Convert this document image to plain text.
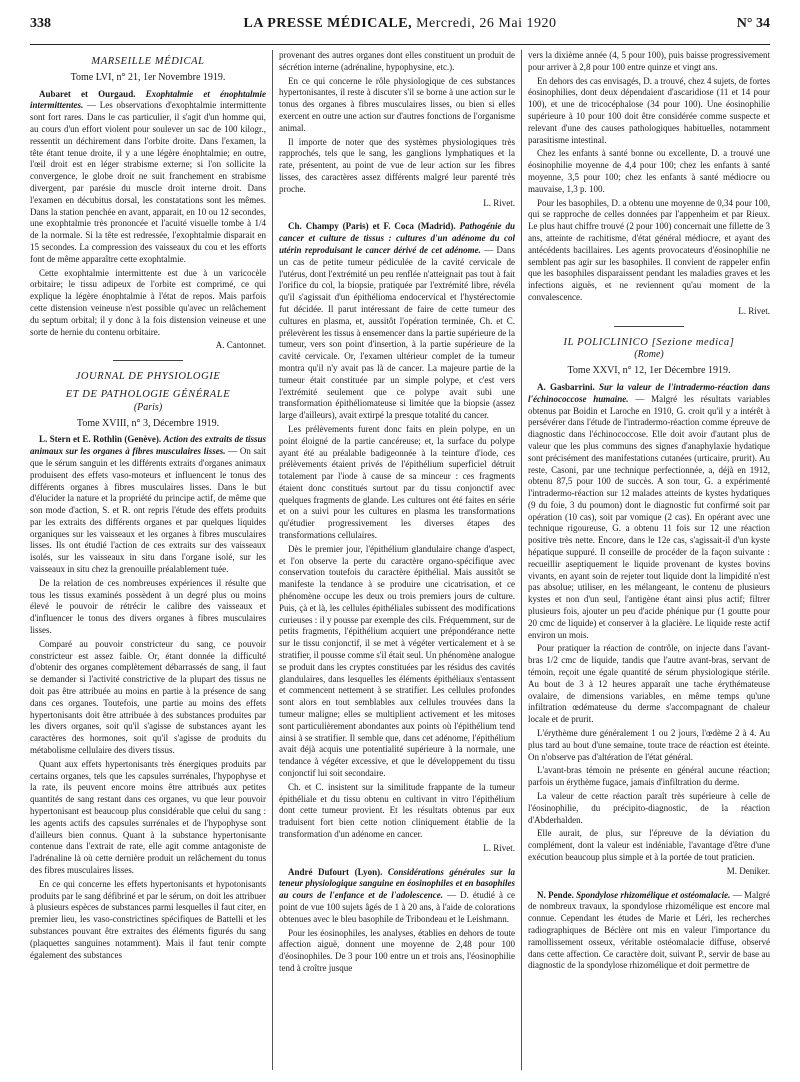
338	LA PRESSE MÉDICALE, Mercredi, 26 Mai 1920	N° 34
MARSEILLE MÉDICAL
Tome LVI, n° 21, 1er Novembre 1919.

Aubaret et Ourgaud. Exophtalmie et énophtalmie intermittentes. — Les observations d'exophtalmie intermittente sont fort rares. Dans le cas particulier, il s'agit d'un homme qui, au cours d'un effort violent pour soulever un sac de 100 kilogr., ressentit un déchirement dans l'orbite droite. Dans l'examen, la tête étant tenue droite, il y a une légère énophtalmie; en outre, l'œil droit est en léger strabisme externe; si l'on sollicite la convergence, le globe droit ne suit franchement en strabisme divergent, par parésie du muscle droit interne droit. Dans l'examen en décubitus dorsal, les constatations sont les mêmes. Dans la station penchée en avant, apparait, en 10 ou 12 secondes, une exophtalmie très prononcée et l'acuité visuelle tombe à 1/4 de la normale. Si la tête est redressée, l'exophtalmie disparait en 15 secondes. La compression des vaisseaux du cou et les efforts font de même apparaître cette exophtalmie.

Cette exophtalmie intermittente est due à un varicocèle orbitaire; le tissu adipeux de l'orbite est comprimé, ce qui explique la légère énophtalmie à l'état de repos. Mais parfois cette distension veineuse n'est possible qu'avec un relâchement du septum orbital; il y donc à la fois distension veineuse et une sorte de hernie du contenu orbitaire.

A. Cantonnet.
JOURNAL DE PHYSIOLOGIE
ET DE PATHOLOGIE GÉNÉRALE
(Paris)
Tome XVIII, n° 3, Décembre 1919.

L. Stern et E. Rothlin (Genève). Action des extraits de tissus animaux sur les organes à fibres musculaires lisses. — On sait que le sérum sanguin et les différents extraits d'organes animaux produisent des effets vaso-moteurs et influencent le tonus des différents organes à fibres musculaires lisses. Dans le but d'élucider la nature et la propriété du principe actif, de même que son mode d'action, S. et R. ont repris l'étude des effets produits par les extraits des différents organes et par quelques liquides organiques sur les vaisseaux et les organes à fibres musculaires lisses. Ils ont étudié l'action de ces extraits sur des vaisseaux isolés, sur les vaisseaux in situ dans l'organe isolé, sur les vaisseaux in situ chez la grenouille préalablement tuée.

De la relation de ces nombreuses expériences il résulte que tous les tissus examinés possèdent à un degré plus ou moins élevé le pouvoir de rétrécir le calibre des vaisseaux et d'influencer le tonus des divers organes à fibres musculaires lisses.

Comparé au pouvoir constricteur du sang, ce pouvoir constricteur est assez faible. Or, étant donnée la difficulté d'obtenir des organes complètement débarrassés de sang, il faut se demander si l'activité constrictive de la plupart des tissus ne doit pas être attribuée au moins en partie à la présence de sang dans ces organes. Toutefois, une partie au moins des effets hypertonisants doit être attribuée à des substances produites par les divers organes, soit qu'il s'agisse de substances ayant les caractères des hormones, soit qu'il s'agisse de produits du métabolisme cellulaire des divers tissus.

Quant aux effets hypertonisants très énergiques produits par certains organes, tels que les capsules surrénales, l'hypophyse et la rate, ils peuvent encore moins être attribués aux petites quantités de sang restant dans ces organes, vu que leur pouvoir hypertonisant est beaucoup plus considérable que celui du sang : les agents actifs des capsules surrénales et de l'hypophyse sont d'ailleurs bien connus. Quant à la substance hypertonisante contenue dans l'extrait de rate, elle agit comme antagoniste de l'adrénaline là où cette dernière produit un relâchement du tonus des fibres musculaires lisses.

En ce qui concerne les effets hypertonisants et hypotonisants produits par le sang défibriné et par le sérum, on doit les attribuer à plusieurs espèces de substances parmi lesquelles il faut citer, en premier lieu, les vaso-constrictines spécifiques de Battelli et les substances pouvant être extraites des éléments figurés du sang (plaquettes sanguines notamment). Mais il faut tenir compte également des substances

provenant des autres organes dont elles constituent un produit de sécrétion interne (adrénaline, hypophysine, etc.).

En ce qui concerne le rôle physiologique de ces substances hypertonisantes, il reste à discuter s'il se borne à une action sur le tonus des organes à fibres musculaires lisses, ou bien si elles exercent en outre une action sur d'autres fonctions de l'organisme animal.

Il importe de noter que des systèmes physiologiques très rapprochés, tels que le sang, les ganglions lymphatiques et la rate, présentent, au point de vue de leur action sur les fibres lisses, des caractères assez différents malgré leur parenté très proche.

L. Rivet.

Ch. Champy (Paris) et F. Coca (Madrid). Pathogénie du cancer et culture de tissus : cultures d'un adénome du col utérin reproduisant le cancer dérivé de cet adénome. — Dans un cas de petite tumeur pédiculée de la cavité cervicale de l'utérus, dont l'extrémité un peu renflée n'atteignait pas tout à fait l'orifice du col, la biopsie, pratiquée par l'extrémité libre, révéla qu'il s'agissait d'un épithélioma endocervical et l'hystérectomie fut décidée. Il parut intéressant de faire de cette tumeur des cultures en plasma, et, aussitôt l'opération terminée, Ch. et C. prélevèrent les tissus à ensemencer dans la partie supérieure de la tumeur, vers son point d'insertion, à la partie supérieure de la cavité cervicale. Or, l'examen ultérieur complet de la tumeur montra qu'il n'y avait pas là de cancer. La majeure partie de la tumeur était constituée par un simple polype, et c'est vers l'extrémité seulement que ce polype avait subi une transformation épithéliomateuse si limitée que la biopsie (assez large d'ailleurs), avait extirpé la presque totalité du cancer.

Les prélèvements furent donc faits en plein polype, en un point éloigné de la partie cancéreuse; et, la surface du polype ayant été au préalable badigeonnée à la teinture d'iode, ces prélèvements étaient privés de l'épithélium superficiel détruit totalement par l'iode à cause de sa minceur : ces fragments étaient donc constitués surtout par du tissu conjonctif avec quelques fragments de glande. Les cultures ont été faites en série et on a suivi pour les cultures en plasma les transformations qu'étudier progressivement les diverses étapes des transformations cellulaires.

Dès le premier jour, l'épithélium glandulaire change d'aspect, et l'on observe la perte du caractère organo-spécifique avec conservation toutefois du caractère épithélial. Mais aussitôt se manifeste la tendance à se produire une cicatrisation, et ce phénomène occupe les deux ou trois premiers jours de culture. Puis, çà et là, les cellules épithéliales subissent des modifications curieuses : il y pousse par exemple des cils. Fréquemment, sur de petits fragments, l'épithélium acquiert une prépondérance nette sur le tissu conjonctif, il se met à végéter verticalement et à se stratifier, il pousse comme s'il était seul. Un phénomène analogue se produit dans les cryptes constituées par les résidus des cavités glandulaires, dans lesquelles les éléments épithéliaux s'entassent et commencent nettement à se stratifier. Les cellules profondes sont alors en tout semblables aux cellules trouvées dans la tumeur maligne; elles se multiplient activement et les mitoses sont particulièrement abondantes aux points où l'épithélium tend ainsi à se stratifier. Il semble que, dans cet adénome, l'épithélium avait déjà acquis une potentialité supérieure à la normale, une tendance à végéter excessive, et que le développement du tissu conjonctif lui soit secondaire.

Ch. et C. insistent sur la similitude frappante de la tumeur épithéliale et du tissu obtenu en cultivant in vitro l'épithélium dont cette tumeur provient. Et les résultats obtenus par eux traduisent fort bien cette notion cliniquement établie de la transformation d'un adénome en cancer.

L. Rivet.

André Dufourt (Lyon). Considérations générales sur la teneur physiologique sanguine en éosinophiles et en basophiles au cours de l'enfance et de l'adolescence. — D. étudié à ce point de vue 100 sujets âgés de 1 à 20 ans, à l'aide de colorations obtenues avec le bleu basophile de Tribondeau et le Leishmann.

Pour les éosinophiles, les analyses, établies en dehors de toute affection aiguë, donnent une moyenne de 2,48 pour 100 d'éosinophiles. De 3 pour 100 entre un et trois ans, l'éosinophilie tend à croître jusque

vers la dixième année (4, 5 pour 100), puis baisse progressivement pour arriver à 2,8 pour 100 entre quinze et vingt ans.

En dehors des cas envisagés, D. a trouvé, chez 4 sujets, de fortes éosinophilies, dont deux dépendaient d'ascaridiose (11 et 14 pour 100), et une de tricocéphalose (34 pour 100). Une éosinophilie supérieure à 10 pour 100 doit être considérée comme suspecte et relevant d'une des causes pathologiques habituelles, notamment parasitisme intestinal.

Chez les enfants à santé bonne ou excellente, D. a trouvé une éosinophilie moyenne de 4,4 pour 100; chez les enfants à santé moyenne, 3,5 pour 100; chez les enfants à santé médiocre ou mauvaise, 1,3 p. 100.

Pour les basophiles, D. a obtenu une moyenne de 0,34 pour 100, qui se rapproche de celles données par l'appenheim et par Rieux. Le plus haut chiffre trouvé (2 pour 100) concernait une fillette de 3 ans, atteinte de rachitisme, d'état général médiocre, et ayant des antécédents bacillaires. Les agents provocateurs d'éosinophilie ne semblent pas agir sur les basophiles. Il convient de rappeler enfin que les basophiles disparaissent pendant les maladies graves et les infections aiguës, et ne reviennent qu'au moment de la convalescence.

L. Rivet.
IL POLICLINICO [Sezione medica]
(Rome)
Tome XXVI, n° 12, 1er Décembre 1919.

A. Gasbarrini. Sur la valeur de l'intradermo-réaction dans l'échinococcose humaine. — Malgré les résultats variables obtenus par Boidin et Laroche en 1910, G. croit qu'il y a intérêt à persévérer dans l'étude de l'intradermo-réaction comme épreuve de diagnostic dans l'échinococcose. Elle doit avoir d'autant plus de valeur que les plus communs des signes d'anaphylaxie hydatique sont précisément des manifestations cutanées (urticaire, prurit). Au reste, Casoni, par une technique perfectionnée, a, déjà en 1912, obtenu 87,5 pour 100 de succès. A son tour, G. a expérimenté l'intradermo-réaction sur 12 malades atteints de kystes hydatiques (9 du foie, 3 du poumon) dont le diagnostic fut confirmé soit par opération (10 cas), soit par vomique (2 cas). En opérant avec une technique rigoureuse, G. a obtenu 11 fois sur 12 une réaction positive très nette. Encore, dans le 12e cas, s'agissait-il d'un kyste hépatique suppuré. Il conseille de procéder de la façon suivante : recueillir aseptiquement le liquide provenant de kystes bovins vivants, en ayant soin de rejeter tout liquide dont la limpidité n'est pas absolue; utiliser, en les mélangeant, le contenu de plusieurs kystes et non d'un seul, l'antigène étant ainsi plus actif; filtrer plusieurs fois, ajouter un peu d'acide phénique pur (1 goutte pour 20 cmc de liquide) et conserver à la glacière. Le liquide reste actif environ un mois.

Pour pratiquer la réaction de contrôle, on injecte dans l'avant-bras 1/2 cmc de liquide, tandis que l'autre avant-bras, servant de témoin, reçoit une égale quantité de sérum physiologique stérile. Au bout de 3 à 12 heures apparaît une tache érythémateuse ovalaire, de dimensions variables, en même temps qu'une infiltration œdémateuse du derme s'accompagnant de chaleur locale et de prurit.

L'érythème dure généralement 1 ou 2 jours, l'œdème 2 à 4. Au plus tard au bout d'une semaine, toute trace de réaction est éteinte. On n'observe pas d'altération de l'état général.

L'avant-bras témoin ne présente en général aucune réaction; parfois un érythème fugace, jamais d'infiltration du derme.

La valeur de cette réaction paraît très supérieure à celle de l'éosinophilie, du précipito-diagnostic, de la réaction d'Abderhalden.

Elle aurait, de plus, sur l'épreuve de la déviation du complément, dont la valeur est indéniable, l'avantage d'être d'une exécution beaucoup plus simple et à la portée de tout praticien.

M. Deniker.

N. Pende. Spondylose rhizomélique et ostéomalacie. — Malgré de nombreux travaux, la spondylose rhizomélique est encore mal connue. Cependant les études de Marie et Léri, les recherches radiographiques de Béclère ont mis en valeur l'importance du ramollissement osseux, véritable ostéomalacie diffuse, observé dans cette affection. Ce caractère doit, suivant P., servir de base au diagnostic de la spondylose rhizomélique et doit permettre de
